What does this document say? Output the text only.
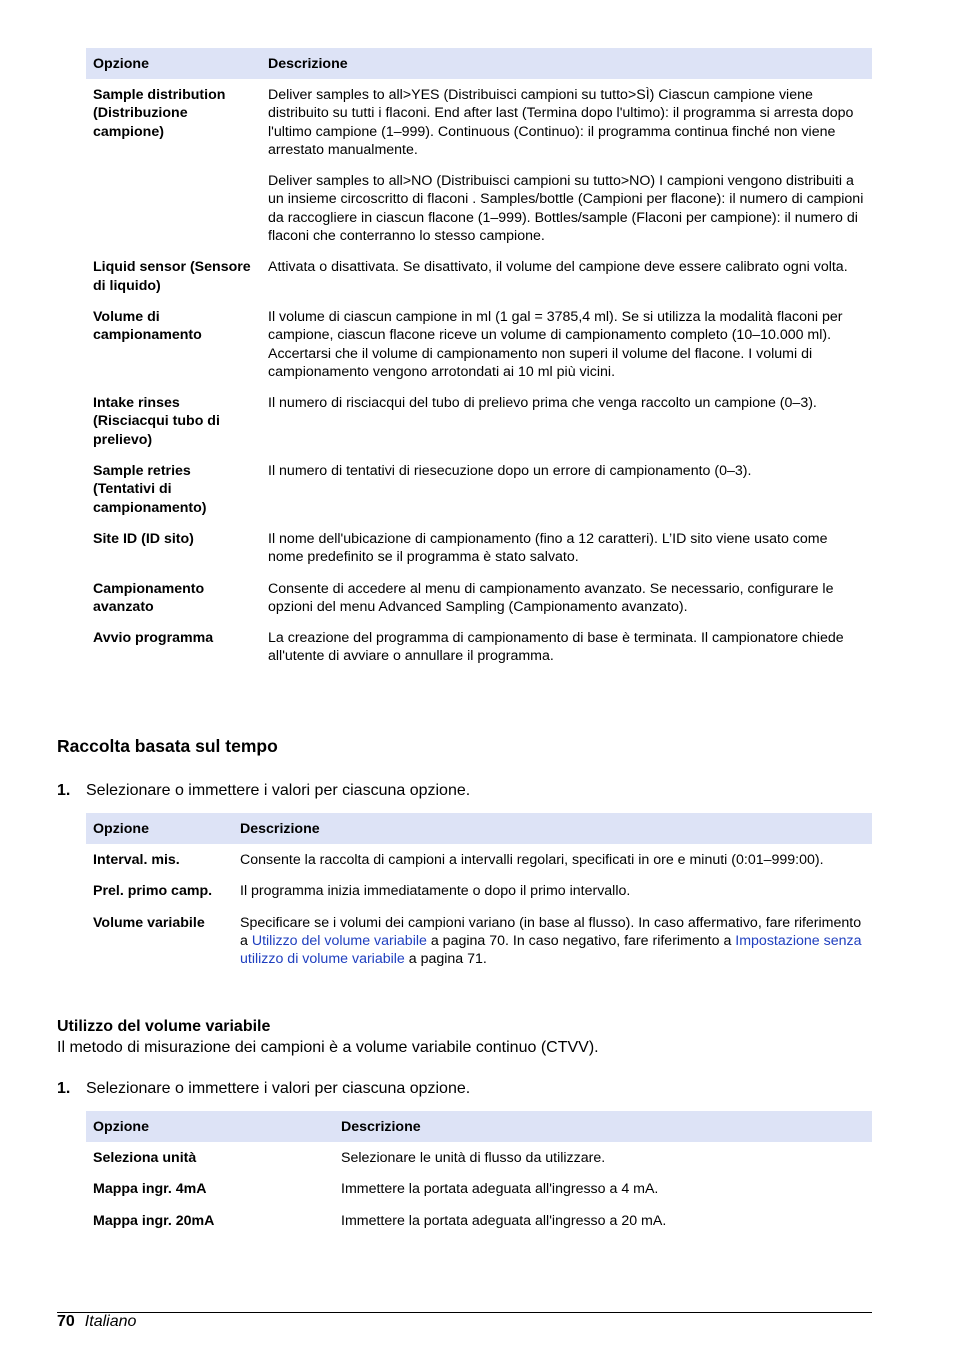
Opzione	Descrizione
Sample distribution (Distribuzione campione)	Deliver samples to all>YES (Distribuisci campioni su tutto>SÌ) Ciascun campione viene distribuito su tutti i flaconi. End after last (Termina dopo l'ultimo): il programma si arresta dopo l'ultimo campione (1–999). Continuous (Continuo): il programma continua finché non viene arrestato manualmente.

Deliver samples to all>NO (Distribuisci campioni su tutto>NO) I campioni vengono distribuiti a un insieme circoscritto di flaconi . Samples/bottle (Campioni per flacone): il numero di campioni da raccogliere in ciascun flacone (1–999). Bottles/sample (Flaconi per campione): il numero di flaconi che conterranno lo stesso campione.

Liquid sensor (Sensore di liquido)	Attivata o disattivata. Se disattivato, il volume del campione deve essere calibrato ogni volta.
Volume di campionamento	Il volume di ciascun campione in ml (1 gal = 3785,4 ml). Se si utilizza la modalità flaconi per campione, ciascun flacone riceve un volume di campionamento completo (10–10.000 ml). Accertarsi che il volume di campionamento non superi il volume del flacone. I volumi di campionamento vengono arrotondati ai 10 ml più vicini.
Intake rinses (Risciacqui tubo di prelievo)	Il numero di risciacqui del tubo di prelievo prima che venga raccolto un campione (0–3).
Sample retries (Tentativi di campionamento)	Il numero di tentativi di riesecuzione dopo un errore di campionamento (0–3).
Site ID (ID sito)	Il nome dell'ubicazione di campionamento (fino a 12 caratteri). L’ID sito viene usato come nome predefinito se il programma è stato salvato.
Campionamento avanzato	Consente di accedere al menu di campionamento avanzato. Se necessario, configurare le opzioni del menu Advanced Sampling (Campionamento avanzato).
Avvio programma	La creazione del programma di campionamento di base è terminata. Il campionatore chiede all'utente di avviare o annullare il programma.
Raccolta basata sul tempo
1. Selezionare o immettere i valori per ciascuna opzione.
Opzione	Descrizione
Interval. mis.	Consente la raccolta di campioni a intervalli regolari, specificati in ore e minuti (0:01–999:00).
Prel. primo camp.	Il programma inizia immediatamente o dopo il primo intervallo.
Volume variabile	Specificare se i volumi dei campioni variano (in base al flusso). In caso affermativo, fare riferimento a Utilizzo del volume variabile a pagina 70. In caso negativo, fare riferimento a Impostazione senza utilizzo di volume variabile a pagina 71.
Utilizzo del volume variabile

Il metodo di misurazione dei campioni è a volume variabile continuo (CTVV).

1. Selezionare o immettere i valori per ciascuna opzione.
Opzione	Descrizione
Seleziona unità	Selezionare le unità di flusso da utilizzare.
Mappa ingr. 4mA	Immettere la portata adeguata all'ingresso a 4 mA.
Mappa ingr. 20mA	Immettere la portata adeguata all'ingresso a 20 mA.
70 Italiano
